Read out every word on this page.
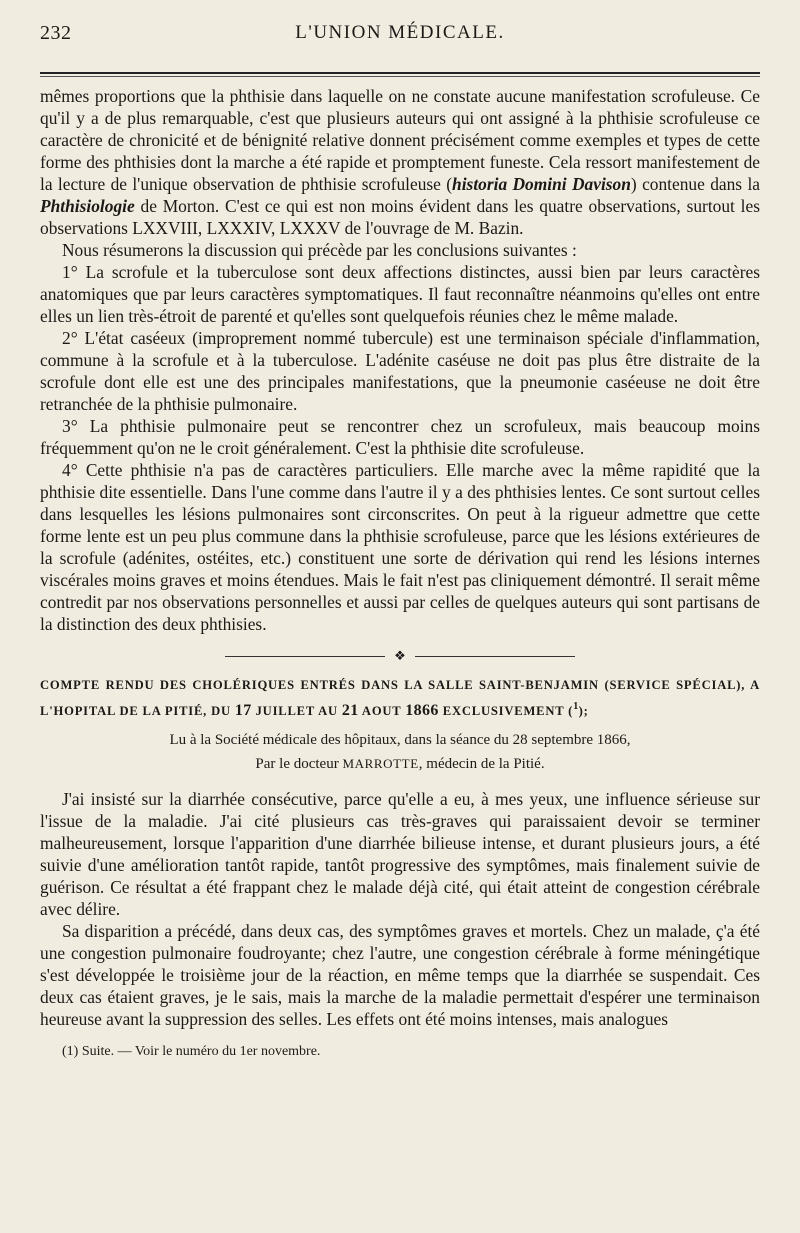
232	L'UNION MÉDICALE.

mêmes proportions que la phthisie dans laquelle on ne constate aucune manifestation scrofuleuse. Ce qu'il y a de plus remarquable, c'est que plusieurs auteurs qui ont assigné à la phthisie scrofuleuse ce caractère de chronicité et de bénignité relative donnent précisément comme exemples et types de cette forme des phthisies dont la marche a été rapide et promptement funeste. Cela ressort manifestement de la lecture de l'unique observation de phthisie scrofuleuse (historia Domini Davison) contenue dans la Phthisiologie de Morton. C'est ce qui est non moins évident dans les quatre observations, surtout les observations LXXVIII, LXXXIV, LXXXV de l'ouvrage de M. Bazin.

Nous résumerons la discussion qui précède par les conclusions suivantes :

1° La scrofule et la tuberculose sont deux affections distinctes, aussi bien par leurs caractères anatomiques que par leurs caractères symptomatiques. Il faut reconnaître néanmoins qu'elles ont entre elles un lien très-étroit de parenté et qu'elles sont quelquefois réunies chez le même malade.

2° L'état caséeux (improprement nommé tubercule) est une terminaison spéciale d'inflammation, commune à la scrofule et à la tuberculose. L'adénite caséuse ne doit pas plus être distraite de la scrofule dont elle est une des principales manifestations, que la pneumonie caséeuse ne doit être retranchée de la phthisie pulmonaire.

3° La phthisie pulmonaire peut se rencontrer chez un scrofuleux, mais beaucoup moins fréquemment qu'on ne le croit généralement. C'est la phthisie dite scrofuleuse.

4° Cette phthisie n'a pas de caractères particuliers. Elle marche avec la même rapidité que la phthisie dite essentielle. Dans l'une comme dans l'autre il y a des phthisies lentes. Ce sont surtout celles dans lesquelles les lésions pulmonaires sont circonscrites. On peut à la rigueur admettre que cette forme lente est un peu plus commune dans la phthisie scrofuleuse, parce que les lésions extérieures de la scrofule (adénites, ostéites, etc.) constituent une sorte de dérivation qui rend les lésions internes viscérales moins graves et moins étendues. Mais le fait n'est pas cliniquement démontré. Il serait même contredit par nos observations personnelles et aussi par celles de quelques auteurs qui sont partisans de la distinction des deux phthisies.

❖
COMPTE RENDU DES CHOLÉRIQUES ENTRÉS DANS LA SALLE SAINT-BENJAMIN (SERVICE SPÉCIAL), A L'HOPITAL DE LA PITIÉ, DU 17 JUILLET AU 21 AOUT 1866 EXCLUSIVEMENT ($^1$);
Lu à la Société médicale des hôpitaux, dans la séance du 28 septembre 1866,
Par le docteur MARROTTE, médecin de la Pitié.

J'ai insisté sur la diarrhée consécutive, parce qu'elle a eu, à mes yeux, une influence sérieuse sur l'issue de la maladie. J'ai cité plusieurs cas très-graves qui paraissaient devoir se terminer malheureusement, lorsque l'apparition d'une diarrhée bilieuse intense, et durant plusieurs jours, a été suivie d'une amélioration tantôt rapide, tantôt progressive des symptômes, mais finalement suivie de guérison. Ce résultat a été frappant chez le malade déjà cité, qui était atteint de congestion cérébrale avec délire.

Sa disparition a précédé, dans deux cas, des symptômes graves et mortels. Chez un malade, ç'a été une congestion pulmonaire foudroyante; chez l'autre, une congestion cérébrale à forme méningétique s'est développée le troisième jour de la réaction, en même temps que la diarrhée se suspendait. Ces deux cas étaient graves, je le sais, mais la marche de la maladie permettait d'espérer une terminaison heureuse avant la suppression des selles. Les effets ont été moins intenses, mais analogues

(1) Suite. — Voir le numéro du 1er novembre.
